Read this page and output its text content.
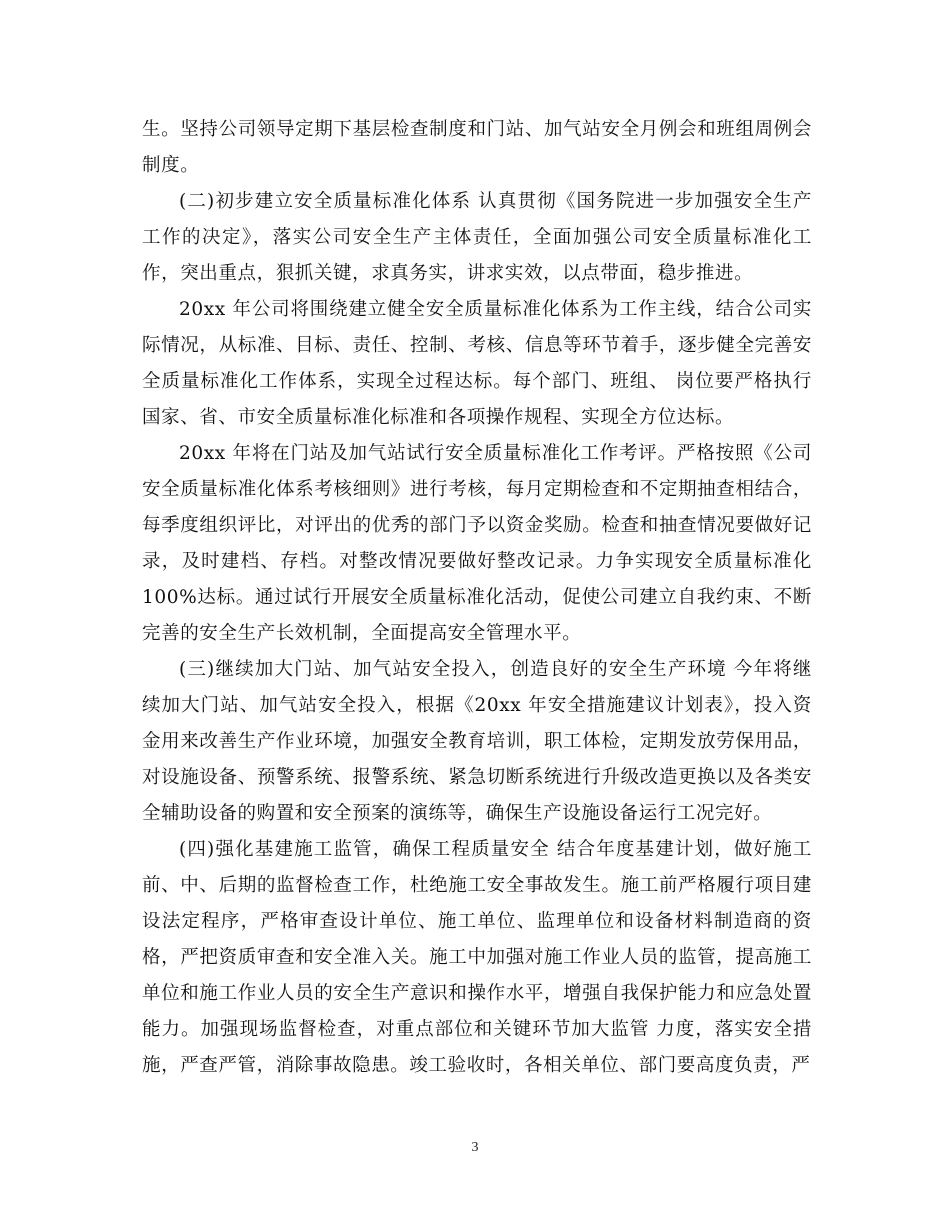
生。坚持公司领导定期下基层检查制度和门站、加气站安全月例会和班组周例会制度。

(二)初步建立安全质量标准化体系 认真贯彻《国务院进一步加强安全生产工作的决定》，落实公司安全生产主体责任，全面加强公司安全质量标准化工作，突出重点，狠抓关键，求真务实，讲求实效，以点带面，稳步推进。

20xx 年公司将围绕建立健全安全质量标准化体系为工作主线，结合公司实际情况，从标准、目标、责任、控制、考核、信息等环节着手，逐步健全完善安全质量标准化工作体系，实现全过程达标。每个部门、班组、 岗位要严格执行国家、省、市安全质量标准化标准和各项操作规程、实现全方位达标。

20xx 年将在门站及加气站试行安全质量标准化工作考评。严格按照《公司安全质量标准化体系考核细则》进行考核，每月定期检查和不定期抽查相结合，每季度组织评比，对评出的优秀的部门予以资金奖励。检查和抽查情况要做好记录，及时建档、存档。对整改情况要做好整改记录。力争实现安全质量标准化100%达标。通过试行开展安全质量标准化活动，促使公司建立自我约束、不断完善的安全生产长效机制，全面提高安全管理水平。

(三)继续加大门站、加气站安全投入，创造良好的安全生产环境 今年将继续加大门站、加气站安全投入，根据《20xx 年安全措施建议计划表》，投入资金用来改善生产作业环境，加强安全教育培训，职工体检，定期发放劳保用品，对设施设备、预警系统、报警系统、紧急切断系统进行升级改造更换以及各类安全辅助设备的购置和安全预案的演练等，确保生产设施设备运行工况完好。

(四)强化基建施工监管，确保工程质量安全 结合年度基建计划，做好施工前、中、后期的监督检查工作，杜绝施工安全事故发生。施工前严格履行项目建设法定程序，严格审查设计单位、施工单位、监理单位和设备材料制造商的资格，严把资质审查和安全准入关。施工中加强对施工作业人员的监管，提高施工单位和施工作业人员的安全生产意识和操作水平，增强自我保护能力和应急处置能力。加强现场监督检查，对重点部位和关键环节加大监管 力度，落实安全措施，严查严管，消除事故隐患。竣工验收时，各相关单位、部门要高度负责，严

3
